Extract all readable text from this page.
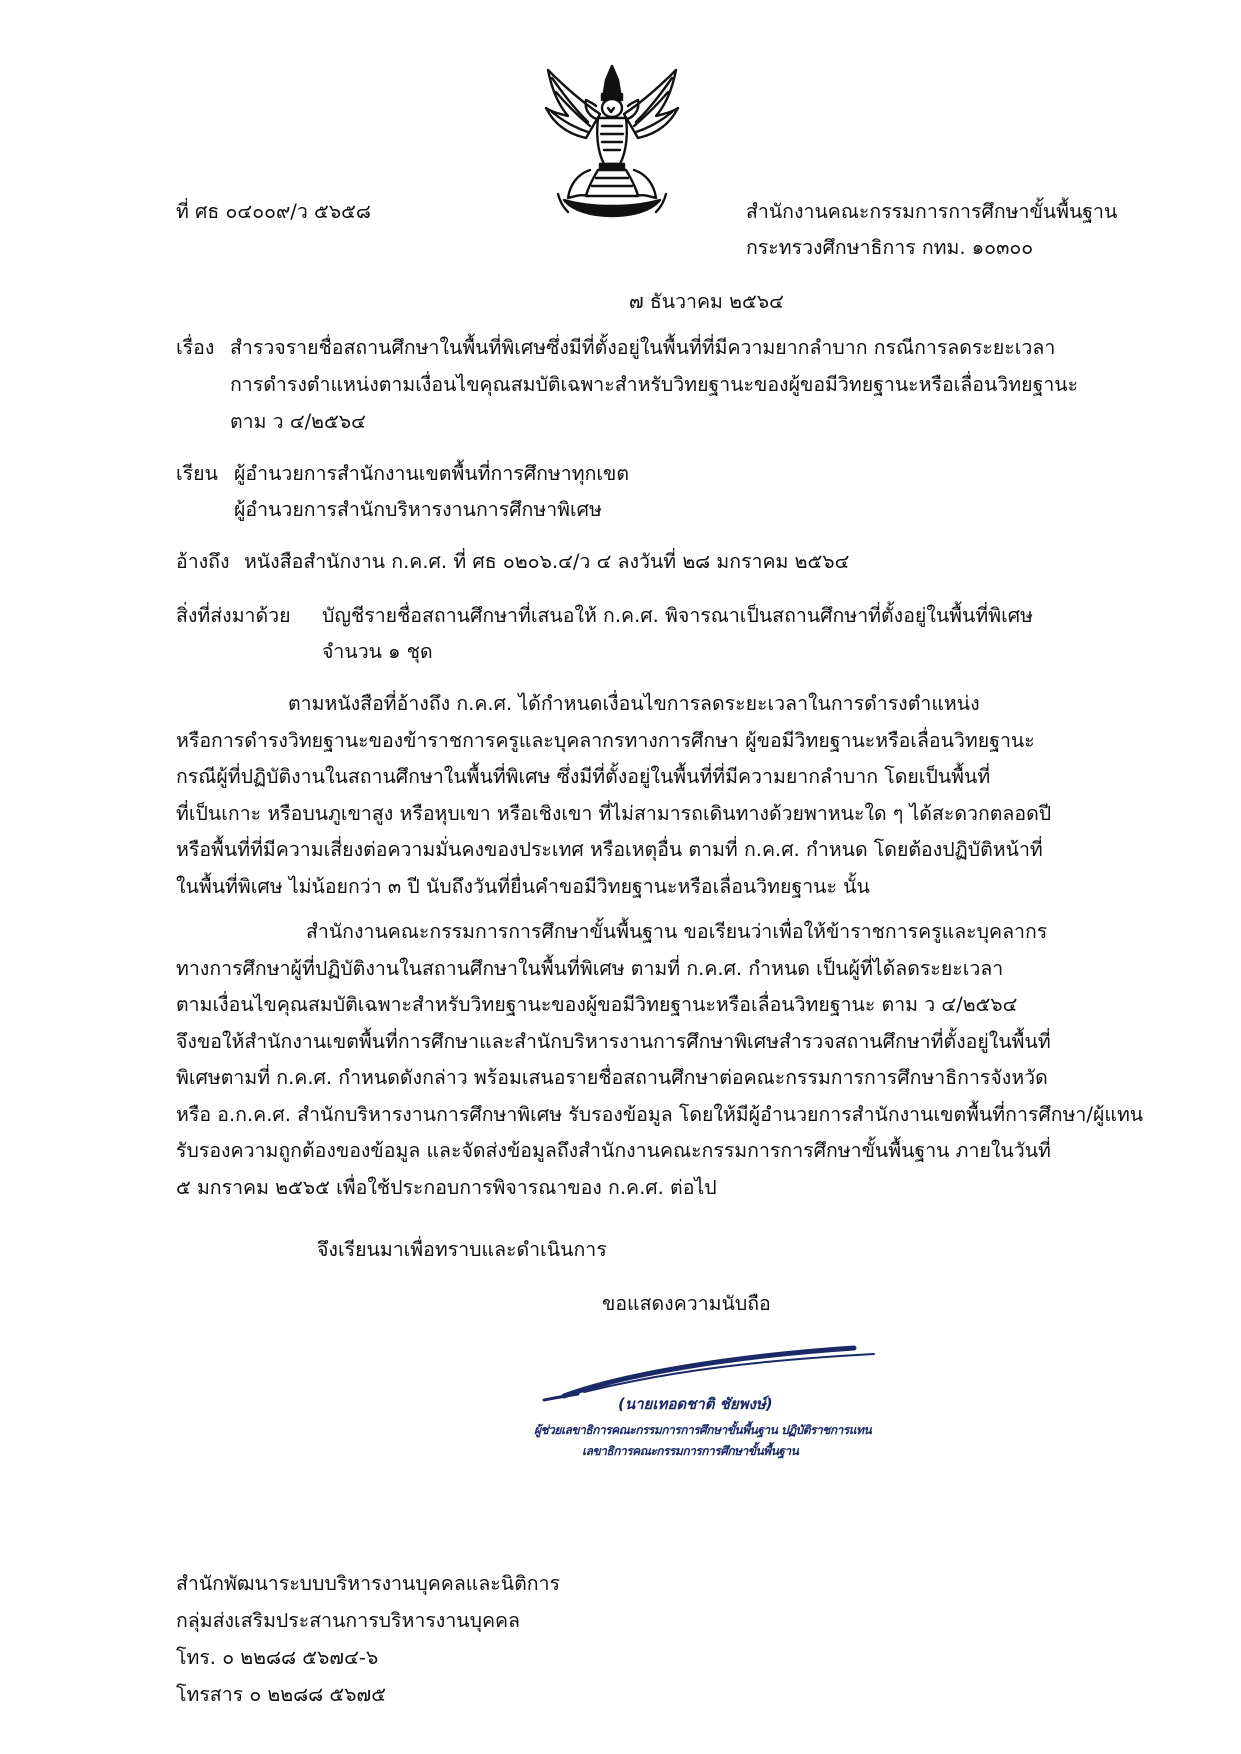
ที่ ศธ ๐๔๐๐๙/ว ๕๖๕๘	สำนักงานคณะกรรมการการศึกษาขั้นพื้นฐาน
กระทรวงศึกษาธิการ กทม. ๑๐๓๐๐
๗ ธันวาคม ๒๕๖๔
เรื่อง สำรวจรายชื่อสถานศึกษาในพื้นที่พิเศษซึ่งมีที่ตั้งอยู่ในพื้นที่ที่มีความยากลำบาก กรณีการลดระยะเวลา
การดำรงตำแหน่งตามเงื่อนไขคุณสมบัติเฉพาะสำหรับวิทยฐานะของผู้ขอมีวิทยฐานะหรือเลื่อนวิทยฐานะ
ตาม ว ๔/๒๕๖๔
เรียน ผู้อำนวยการสำนักงานเขตพื้นที่การศึกษาทุกเขต
ผู้อำนวยการสำนักบริหารงานการศึกษาพิเศษ
อ้างถึง หนังสือสำนักงาน ก.ค.ศ. ที่ ศธ ๐๒๐๖.๔/ว ๔ ลงวันที่ ๒๘ มกราคม ๒๕๖๔
สิ่งที่ส่งมาด้วย บัญชีรายชื่อสถานศึกษาที่เสนอให้ ก.ค.ศ. พิจารณาเป็นสถานศึกษาที่ตั้งอยู่ในพื้นที่พิเศษ
จำนวน ๑ ชุด
ตามหนังสือที่อ้างถึง ก.ค.ศ. ได้กำหนดเงื่อนไขการลดระยะเวลาในการดำรงตำแหน่ง
หรือการดำรงวิทยฐานะของข้าราชการครูและบุคลากรทางการศึกษา ผู้ขอมีวิทยฐานะหรือเลื่อนวิทยฐานะ
กรณีผู้ที่ปฏิบัติงานในสถานศึกษาในพื้นที่พิเศษ ซึ่งมีที่ตั้งอยู่ในพื้นที่ที่มีความยากลำบาก โดยเป็นพื้นที่
ที่เป็นเกาะ หรือบนภูเขาสูง หรือหุบเขา หรือเชิงเขา ที่ไม่สามารถเดินทางด้วยพาหนะใด ๆ ได้สะดวกตลอดปี
หรือพื้นที่ที่มีความเสี่ยงต่อความมั่นคงของประเทศ หรือเหตุอื่น ตามที่ ก.ค.ศ. กำหนด โดยต้องปฏิบัติหน้าที่
ในพื้นที่พิเศษ ไม่น้อยกว่า ๓ ปี นับถึงวันที่ยื่นคำขอมีวิทยฐานะหรือเลื่อนวิทยฐานะ นั้น
สำนักงานคณะกรรมการการศึกษาขั้นพื้นฐาน ขอเรียนว่าเพื่อให้ข้าราชการครูและบุคลากร
ทางการศึกษาผู้ที่ปฏิบัติงานในสถานศึกษาในพื้นที่พิเศษ ตามที่ ก.ค.ศ. กำหนด เป็นผู้ที่ได้ลดระยะเวลา
ตามเงื่อนไขคุณสมบัติเฉพาะสำหรับวิทยฐานะของผู้ขอมีวิทยฐานะหรือเลื่อนวิทยฐานะ ตาม ว ๔/๒๕๖๔
จึงขอให้สำนักงานเขตพื้นที่การศึกษาและสำนักบริหารงานการศึกษาพิเศษสำรวจสถานศึกษาที่ตั้งอยู่ในพื้นที่
พิเศษตามที่ ก.ค.ศ. กำหนดดังกล่าว พร้อมเสนอรายชื่อสถานศึกษาต่อคณะกรรมการการศึกษาธิการจังหวัด
หรือ อ.ก.ค.ศ. สำนักบริหารงานการศึกษาพิเศษ รับรองข้อมูล โดยให้มีผู้อำนวยการสำนักงานเขตพื้นที่การศึกษา/ผู้แทน
รับรองความถูกต้องของข้อมูล และจัดส่งข้อมูลถึงสำนักงานคณะกรรมการการศึกษาขั้นพื้นฐาน ภายในวันที่
๕ มกราคม ๒๕๖๕ เพื่อใช้ประกอบการพิจารณาของ ก.ค.ศ. ต่อไป
จึงเรียนมาเพื่อทราบและดำเนินการ
ขอแสดงความนับถือ
(นายเทอดชาติ ชัยพงษ์)
ผู้ช่วยเลขาธิการคณะกรรมการการศึกษาขั้นพื้นฐาน ปฏิบัติราชการแทน
เลขาธิการคณะกรรมการการศึกษาขั้นพื้นฐาน
สำนักพัฒนาระบบบริหารงานบุคคลและนิติการ
กลุ่มส่งเสริมประสานการบริหารงานบุคคล
โทร. ๐ ๒๒๘๘ ๕๖๗๔-๖
โทรสาร ๐ ๒๒๘๘ ๕๖๗๕
